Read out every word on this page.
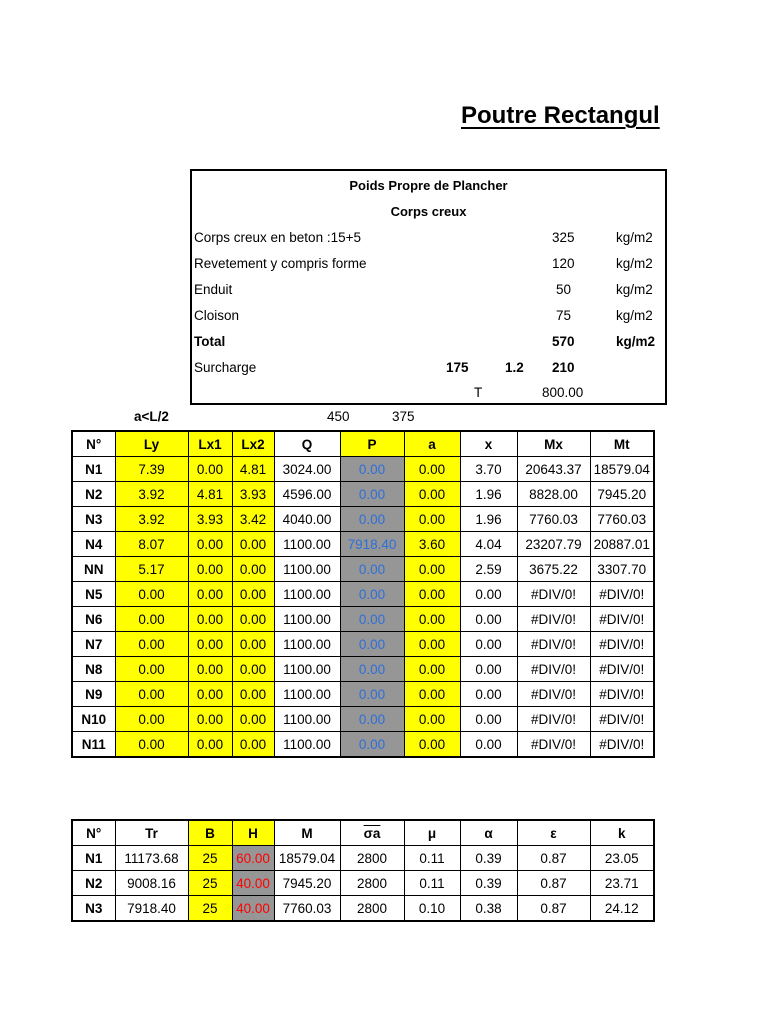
Poutre Rectangul
Poids Propre de Plancher
Corps creux
Corps creux en beton :15+5	325	kg/m2
Revetement y compris forme	120	kg/m2
Enduit	50	kg/m2
Cloison	75	kg/m2
Total	570	kg/m2
Surcharge	175	1.2 210
T	800.00
a<L/2	450	375
N°	Ly	Lx1	Lx2	Q	P	a	x	Mx	Mt
N1	7.39	0.00	4.81	3024.00	0.00	0.00	3.70	20643.37	18579.04
N2	3.92	4.81	3.93	4596.00	0.00	0.00	1.96	8828.00	7945.20
N3	3.92	3.93	3.42	4040.00	0.00	0.00	1.96	7760.03	7760.03
N4	8.07	0.00	0.00	1100.00	7918.40	3.60	4.04	23207.79	20887.01
NN	5.17	0.00	0.00	1100.00	0.00	0.00	2.59	3675.22	3307.70
N5	0.00	0.00	0.00	1100.00	0.00	0.00	0.00	#DIV/0!	#DIV/0!
N6	0.00	0.00	0.00	1100.00	0.00	0.00	0.00	#DIV/0!	#DIV/0!
N7	0.00	0.00	0.00	1100.00	0.00	0.00	0.00	#DIV/0!	#DIV/0!
N8	0.00	0.00	0.00	1100.00	0.00	0.00	0.00	#DIV/0!	#DIV/0!
N9	0.00	0.00	0.00	1100.00	0.00	0.00	0.00	#DIV/0!	#DIV/0!
N10	0.00	0.00	0.00	1100.00	0.00	0.00	0.00	#DIV/0!	#DIV/0!
N11	0.00	0.00	0.00	1100.00	0.00	0.00	0.00	#DIV/0!	#DIV/0!
N°	Tr	B	H	M	$\overline{\sigma a}$	μ	α	ε	k
N1	11173.68	25	60.00	18579.04	2800	0.11	0.39	0.87	23.05
N2	9008.16	25	40.00	7945.20	2800	0.11	0.39	0.87	23.71
N3	7918.40	25	40.00	7760.03	2800	0.10	0.38	0.87	24.12
